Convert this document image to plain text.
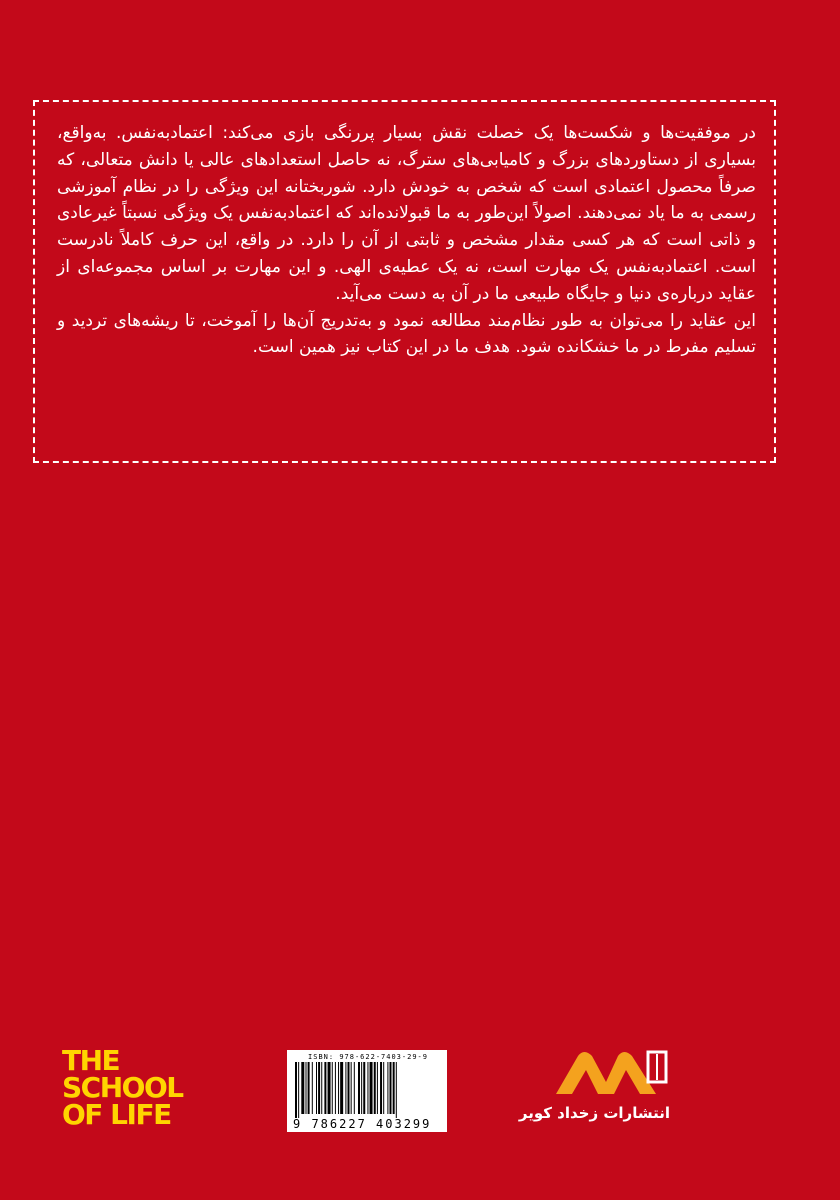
در موفقیت‌ها و شکست‌ها یک خصلت نقش بسیار پررنگی بازی می‌کند: اعتمادبه‌نفس. به‌واقع، بسیاری از دستاوردهای بزرگ و کامیابی‌های سترگ، نه حاصل استعدادهای عالی یا دانش متعالی، که صرفاً محصول اعتمادی است که شخص به خودش دارد. شوربختانه این ویژگی را در نظام آموزشی رسمی به ما یاد نمی‌دهند. اصولاً این‌طور به ما قبولانده‌اند که اعتمادبه‌نفس یک ویژگی نسبتاً غیرعادی و ذاتی است که هر کسی مقدار مشخص و ثابتی از آن را دارد. در واقع، این حرف کاملاً نادرست است. اعتمادبه‌نفس یک مهارت است، نه یک عطیه‌ی الهی. و این مهارت بر اساس مجموعه‌ای از عقاید درباره‌ی دنیا و جایگاه طبیعی ما در آن به دست می‌آید.

این عقاید را می‌توان به طور نظام‌مند مطالعه نمود و به‌تدریج آن‌ها را آموخت، تا ریشه‌های تردید و تسلیم مفرط در ما خشکانده شود. هدف ما در این کتاب نیز همین است.

THE
SCHOOL
OF LIFE
ISBN: 978-622-7403-29-9
9 786227 403299
انتشارات زخداد کویر
